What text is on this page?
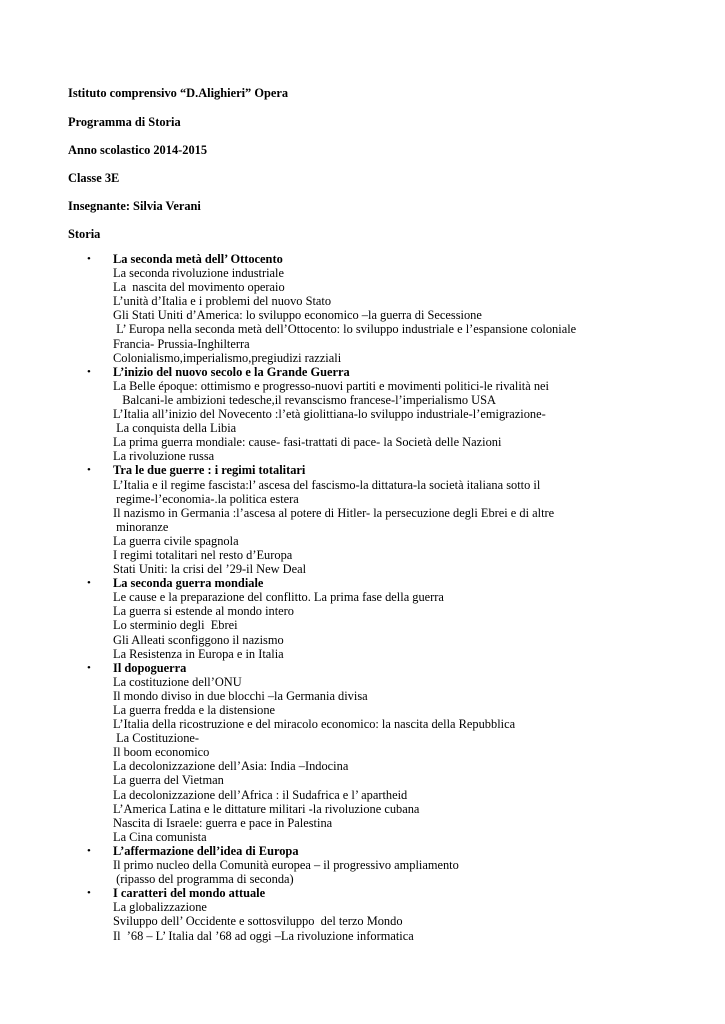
Istituto comprensivo “D.Alighieri” Opera
Programma di Storia
Anno scolastico 2014-2015
Classe 3E
Insegnante: Silvia Verani
Storia
•	La seconda metà dell’ Ottocento
La seconda rivoluzione industriale
La  nascita del movimento operaio
L’unità d’Italia e i problemi del nuovo Stato
Gli Stati Uniti d’America: lo sviluppo economico –la guerra di Secessione
L’ Europa nella seconda metà dell’Ottocento: lo sviluppo industriale e l’espansione coloniale
Francia- Prussia-Inghilterra
Colonialismo,imperialismo,pregiudizi razziali
•	L’inizio del nuovo secolo e la Grande Guerra
La Belle époque: ottimismo e progresso-nuovi partiti e movimenti politici-le rivalità nei
Balcani-le ambizioni tedesche,il revanscismo francese-l’imperialismo USA
L’Italia all’inizio del Novecento :l’età giolittiana-lo sviluppo industriale-l’emigrazione-
La conquista della Libia
La prima guerra mondiale: cause- fasi-trattati di pace- la Società delle Nazioni
La rivoluzione russa
•	Tra le due guerre : i regimi totalitari
L’Italia e il regime fascista:l’ ascesa del fascismo-la dittatura-la società italiana sotto il
regime-l’economia-.la politica estera
Il nazismo in Germania :l’ascesa al potere di Hitler- la persecuzione degli Ebrei e di altre
minoranze
La guerra civile spagnola
I regimi totalitari nel resto d’Europa
Stati Uniti: la crisi del ’29-il New Deal
•	La seconda guerra mondiale
Le cause e la preparazione del conflitto. La prima fase della guerra
La guerra si estende al mondo intero
Lo sterminio degli  Ebrei
Gli Alleati sconfiggono il nazismo
La Resistenza in Europa e in Italia
•	Il dopoguerra
La costituzione dell’ONU
Il mondo diviso in due blocchi –la Germania divisa
La guerra fredda e la distensione
L’Italia della ricostruzione e del miracolo economico: la nascita della Repubblica
La Costituzione-
Il boom economico
La decolonizzazione dell’Asia: India –Indocina
La guerra del Vietman
La decolonizzazione dell’Africa : il Sudafrica e l’ apartheid
L’America Latina e le dittature militari -la rivoluzione cubana
Nascita di Israele: guerra e pace in Palestina
La Cina comunista
•	L’affermazione dell’idea di Europa
Il primo nucleo della Comunità europea – il progressivo ampliamento
(ripasso del programma di seconda)
•	I caratteri del mondo attuale
La globalizzazione
Sviluppo dell’ Occidente e sottosviluppo  del terzo Mondo
Il  ’68 – L’ Italia dal ’68 ad oggi –La rivoluzione informatica
